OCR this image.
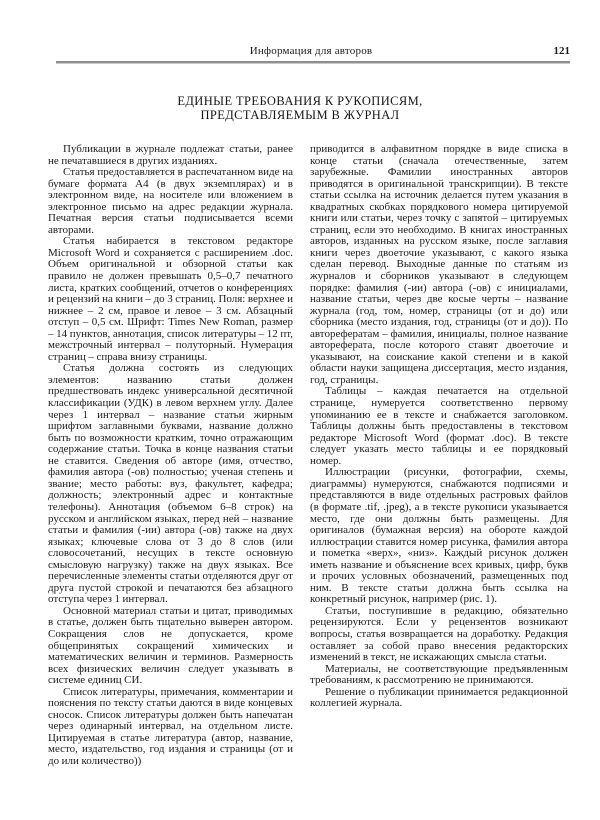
Информация для авторов	121
ЕДИНЫЕ ТРЕБОВАНИЯ К РУКОПИСЯМ,
ПРЕДСТАВЛЯЕМЫМ В ЖУРНАЛ

Публикации в журнале подлежат статьи, ранее не печатавшиеся в других изданиях.

Статья предоставляется в распечатанном виде на бумаге формата А4 (в двух экземплярах) и в электронном виде, на носителе или вложением в электронное письмо на адрес редакции журнала. Печатная версия статьи подписывается всеми авторами.

Статья набирается в текстовом редакторе Microsoft Word и сохраняется с расширением .doc. Объем оригинальной и обзорной статьи как правило не должен превышать 0,5–0,7 печатного листа, кратких сообщений, отчетов о конференциях и рецензий на книги – до 3 страниц. Поля: верхнее и нижнее – 2 см, правое и левое – 3 см. Абзацный отступ – 0,5 см. Шрифт: Times New Roman, размер – 14 пунктов, аннотация, список литературы – 12 пт, межстрочный интервал – полуторный. Нумерация страниц – справа внизу страницы.

Статья должна состоять из следующих элементов: названию статьи должен предшествовать индекс универсальной десятичной классификации (УДК) в левом верхнем углу. Далее через 1 интервал – название статьи жирным шрифтом заглавными буквами, название должно быть по возможности кратким, точно отражающим содержание статьи. Точка в конце названия статьи не ставится. Сведения об авторе (имя, отчество, фамилия автора (-ов) полностью; ученая степень и звание; место работы: вуз, факультет, кафедра; должность; электронный адрес и контактные телефоны). Аннотация (объемом 6–8 строк) на русском и английском языках, перед ней – название статьи и фамилия (-ии) автора (-ов) также на двух языках; ключевые слова от 3 до 8 слов (или словосочетаний, несущих в тексте основную смысловую нагрузку) также на двух языках. Все перечисленные элементы статьи отделяются друг от друга пустой строкой и печатаются без абзацного отступа через 1 интервал.

Основной материал статьи и цитат, приводимых в статье, должен быть тщательно выверен автором. Сокращения слов не допускается, кроме общепринятых сокращений химических и математических величин и терминов. Размерность всех физических величин следует указывать в системе единиц СИ.

Список литературы, примечания, комментарии и пояснения по тексту статьи даются в виде концевых сносок. Список литературы должен быть напечатан через одинарный интервал, на отдельном листе. Цитируемая в статье литература (автор, название, место, издательство, год издания и страницы (от и до или количество))

приводится в алфавитном порядке в виде списка в конце статьи (сначала отечественные, затем зарубежные. Фамилии иностранных авторов приводятся в оригинальной транскрипции). В тексте статьи ссылка на источник делается путем указания в квадратных скобках порядкового номера цитируемой книги или статьи, через точку с запятой – цитируемых страниц, если это необходимо. В книгах иностранных авторов, изданных на русском языке, после заглавия книги через двоеточие указывают, с какого языка сделан перевод. Выходные данные по статьям из журналов и сборников указывают в следующем порядке: фамилия (-ии) автора (-ов) с инициалами, название статьи, через две косые черты – название журнала (год, том, номер, страницы (от и до) или сборника (место издания, год, страницы (от и до)). По авторефератам – фамилия, инициалы, полное название автореферата, после которого ставят двоеточие и указывают, на соискание какой степени и в какой области науки защищена диссертация, место издания, год, страницы.

Таблицы – каждая печатается на отдельной странице, нумеруется соответственно первому упоминанию ее в тексте и снабжается заголовком. Таблицы должны быть предоставлены в текстовом редакторе Microsoft Word (формат .doc). В тексте следует указать место таблицы и ее порядковый номер.

Иллюстрации (рисунки, фотографии, схемы, диаграммы) нумеруются, снабжаются подписями и представляются в виде отдельных растровых файлов (в формате .tif, .jpeg), а в тексте рукописи указывается место, где они должны быть размещены. Для оригиналов (бумажная версия) на обороте каждой иллюстрации ставится номер рисунка, фамилия автора и пометка «верх», «низ». Каждый рисунок должен иметь название и объяснение всех кривых, цифр, букв и прочих условных обозначений, размещенных под ним. В тексте статьи должна быть ссылка на конкретный рисунок, например (рис. 1).

Статьи, поступившие в редакцию, обязательно рецензируются. Если у рецензентов возникают вопросы, статья возвращается на доработку. Редакция оставляет за собой право внесения редакторских изменений в текст, не искажающих смысла статьи.

Материалы, не соответствующие предъявленным требованиям, к рассмотрению не принимаются.

Решение о публикации принимается редакционной коллегией журнала.
